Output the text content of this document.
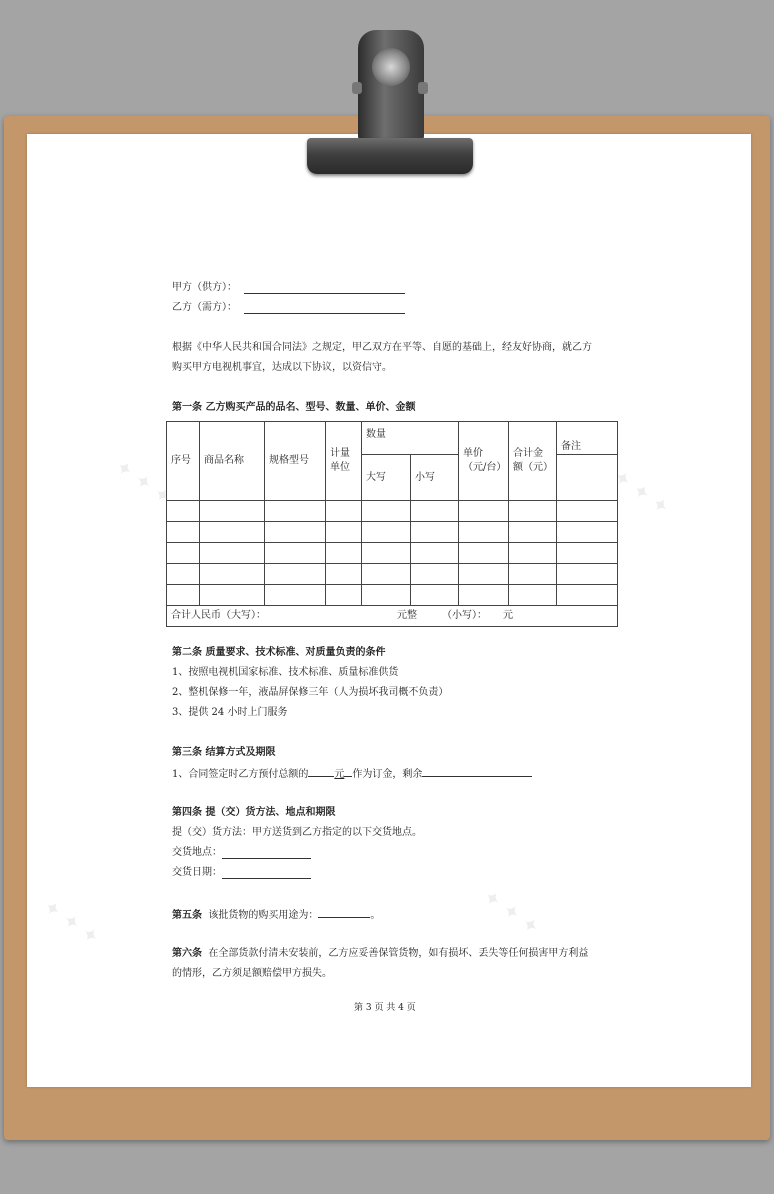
甲方（供方）：
乙方（需方）：
根据《中华人民共和国合同法》之规定，甲乙双方在平等、自愿的基础上，经友好协商，就乙方
购买甲方电视机事宜，达成以下协议，以资信守。
第一条 乙方购买产品的品名、型号、数量、单价、金额
序号	商品名称	规格型号	计量单位	数量		单价（元/台）	合计金额（元）	备注
				大写	小写			

合计人民币（大写）： 元整 （小写）： 元								
第二条 质量要求、技术标准、对质量负责的条件
1、按照电视机国家标准、技术标准、质量标准供货
2、整机保修一年，液晶屏保修三年（人为损坏我司概不负责）
3、提供 24 小时上门服务
第三条 结算方式及期限
1、合同签定时乙方预付总额的	元 作为订金，剩余
第四条 提（交）货方法、地点和期限
提（交）货方法：甲方送货到乙方指定的以下交货地点。
交货地点：
交货日期：
第五条 该批货物的购买用途为：	。
第六条 在全部货款付清未安装前，乙方应妥善保管货物，如有损坏、丢失等任何损害甲方利益
的情形，乙方须足额赔偿甲方损失。
第 3 页 共 4 页
✦ ✦ ✦	✦ ✦ ✦
✦ ✦ ✦	✦ ✦ ✦
